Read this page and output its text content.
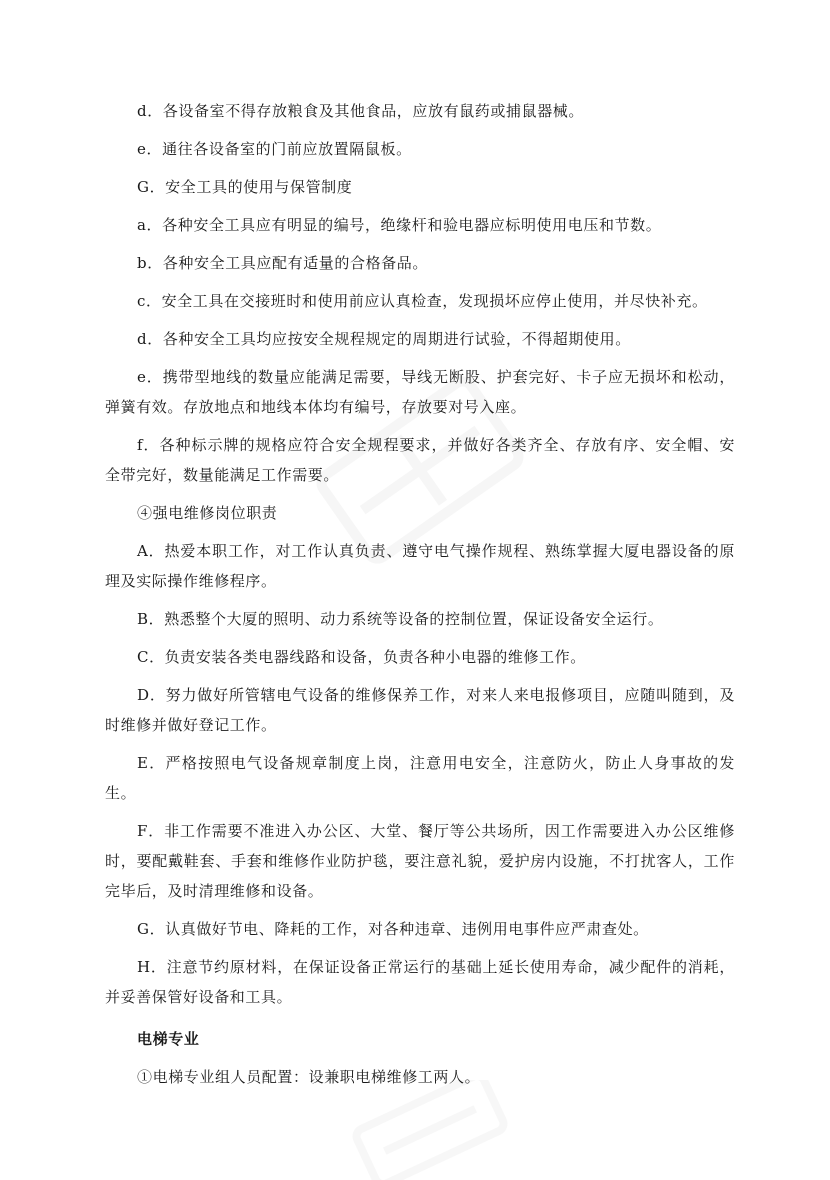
d．各设备室不得存放粮食及其他食品，应放有鼠药或捕鼠器械。

e．通往各设备室的门前应放置隔鼠板。

G．安全工具的使用与保管制度

a．各种安全工具应有明显的编号，绝缘杆和验电器应标明使用电压和节数。

b．各种安全工具应配有适量的合格备品。

c．安全工具在交接班时和使用前应认真检查，发现损坏应停止使用，并尽快补充。

d．各种安全工具均应按安全规程规定的周期进行试验，不得超期使用。

e．携带型地线的数量应能满足需要，导线无断股、护套完好、卡子应无损坏和松动，弹簧有效。存放地点和地线本体均有编号，存放要对号入座。

f．各种标示牌的规格应符合安全规程要求，并做好各类齐全、存放有序、安全帽、安全带完好，数量能满足工作需要。

④强电维修岗位职责

A．热爱本职工作，对工作认真负责、遵守电气操作规程、熟练掌握大厦电器设备的原理及实际操作维修程序。

B．熟悉整个大厦的照明、动力系统等设备的控制位置，保证设备安全运行。

C．负责安装各类电器线路和设备，负责各种小电器的维修工作。

D．努力做好所管辖电气设备的维修保养工作，对来人来电报修项目，应随叫随到，及时维修并做好登记工作。

E．严格按照电气设备规章制度上岗，注意用电安全，注意防火，防止人身事故的发生。

F．非工作需要不准进入办公区、大堂、餐厅等公共场所，因工作需要进入办公区维修时，要配戴鞋套、手套和维修作业防护毯，要注意礼貌，爱护房内设施，不打扰客人，工作完毕后，及时清理维修和设备。

G．认真做好节电、降耗的工作，对各种违章、违例用电事件应严肃查处。

H．注意节约原材料，在保证设备正常运行的基础上延长使用寿命，减少配件的消耗，并妥善保管好设备和工具。

电梯专业

①电梯专业组人员配置：设兼职电梯维修工两人。
